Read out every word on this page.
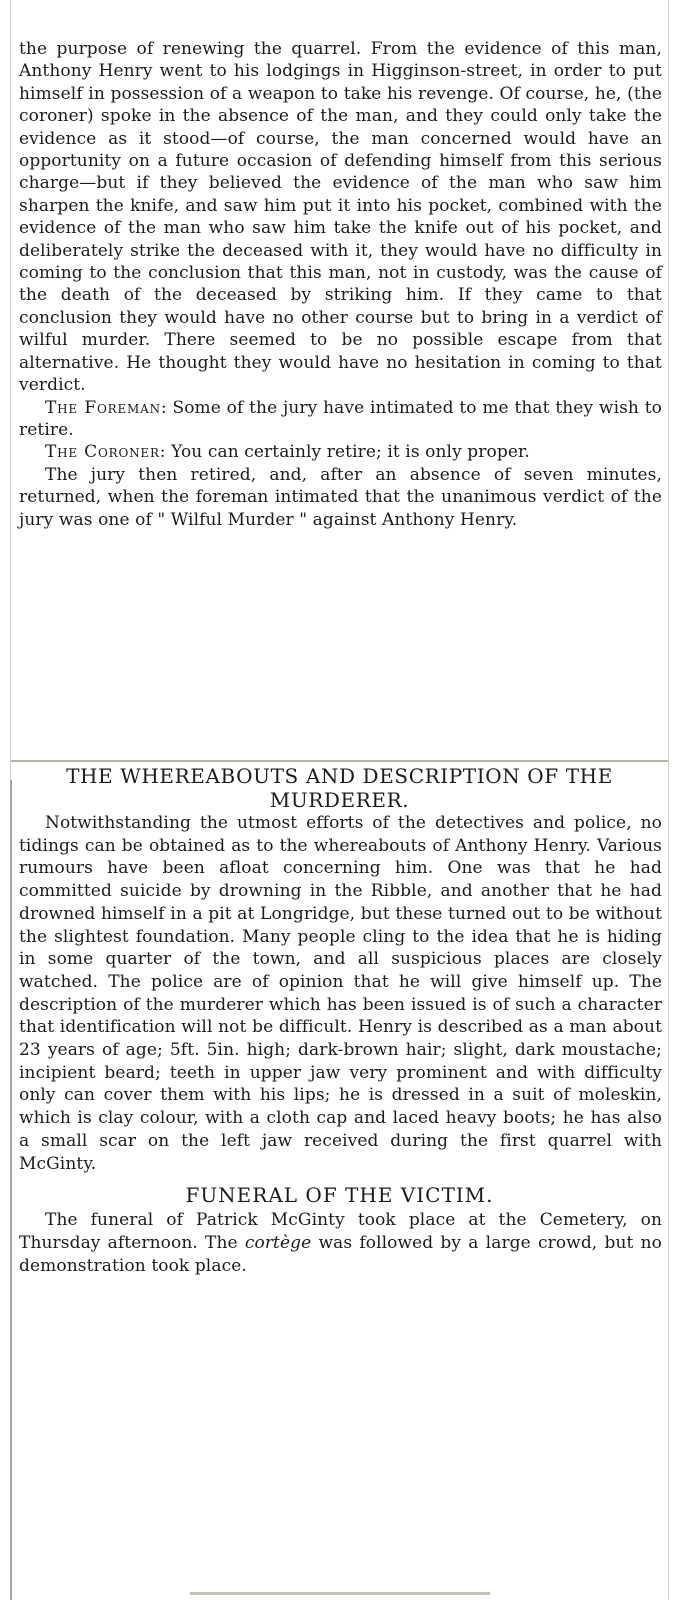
the purpose of renewing the quarrel. From the evidence of this man, Anthony Henry went to his lodgings in Higginson-street, in order to put himself in possession of a weapon to take his revenge. Of course, he, (the coroner) spoke in the absence of the man, and they could only take the evidence as it stood—of course, the man concerned would have an opportunity on a future occasion of defending himself from this serious charge—but if they believed the evidence of the man who saw him sharpen the knife, and saw him put it into his pocket, combined with the evidence of the man who saw him take the knife out of his pocket, and deliberately strike the deceased with it, they would have no difficulty in coming to the conclusion that this man, not in custody, was the cause of the death of the deceased by striking him. If they came to that conclusion they would have no other course but to bring in a verdict of wilful murder. There seemed to be no possible escape from that alternative. He thought they would have no hesitation in coming to that verdict.

The Foreman: Some of the jury have intimated to me that they wish to retire.

The Coroner: You can certainly retire; it is only proper.

The jury then retired, and, after an absence of seven minutes, returned, when the foreman intimated that the unanimous verdict of the jury was one of " Wilful Murder " against Anthony Henry.

THE WHEREABOUTS AND DESCRIPTION OF THE MURDERER.

Notwithstanding the utmost efforts of the detectives and police, no tidings can be obtained as to the whereabouts of Anthony Henry. Various rumours have been afloat concerning him. One was that he had committed suicide by drowning in the Ribble, and another that he had drowned himself in a pit at Longridge, but these turned out to be without the slightest foundation. Many people cling to the idea that he is hiding in some quarter of the town, and all suspicious places are closely watched. The police are of opinion that he will give himself up. The description of the murderer which has been issued is of such a character that identification will not be difficult. Henry is described as a man about 23 years of age; 5ft. 5in. high; dark-brown hair; slight, dark moustache; incipient beard; teeth in upper jaw very prominent and with difficulty only can cover them with his lips; he is dressed in a suit of moleskin, which is clay colour, with a cloth cap and laced heavy boots; he has also a small scar on the left jaw received during the first quarrel with McGinty.

FUNERAL OF THE VICTIM.

The funeral of Patrick McGinty took place at the Cemetery, on Thursday afternoon. The cortège was followed by a large crowd, but no demonstration took place.
